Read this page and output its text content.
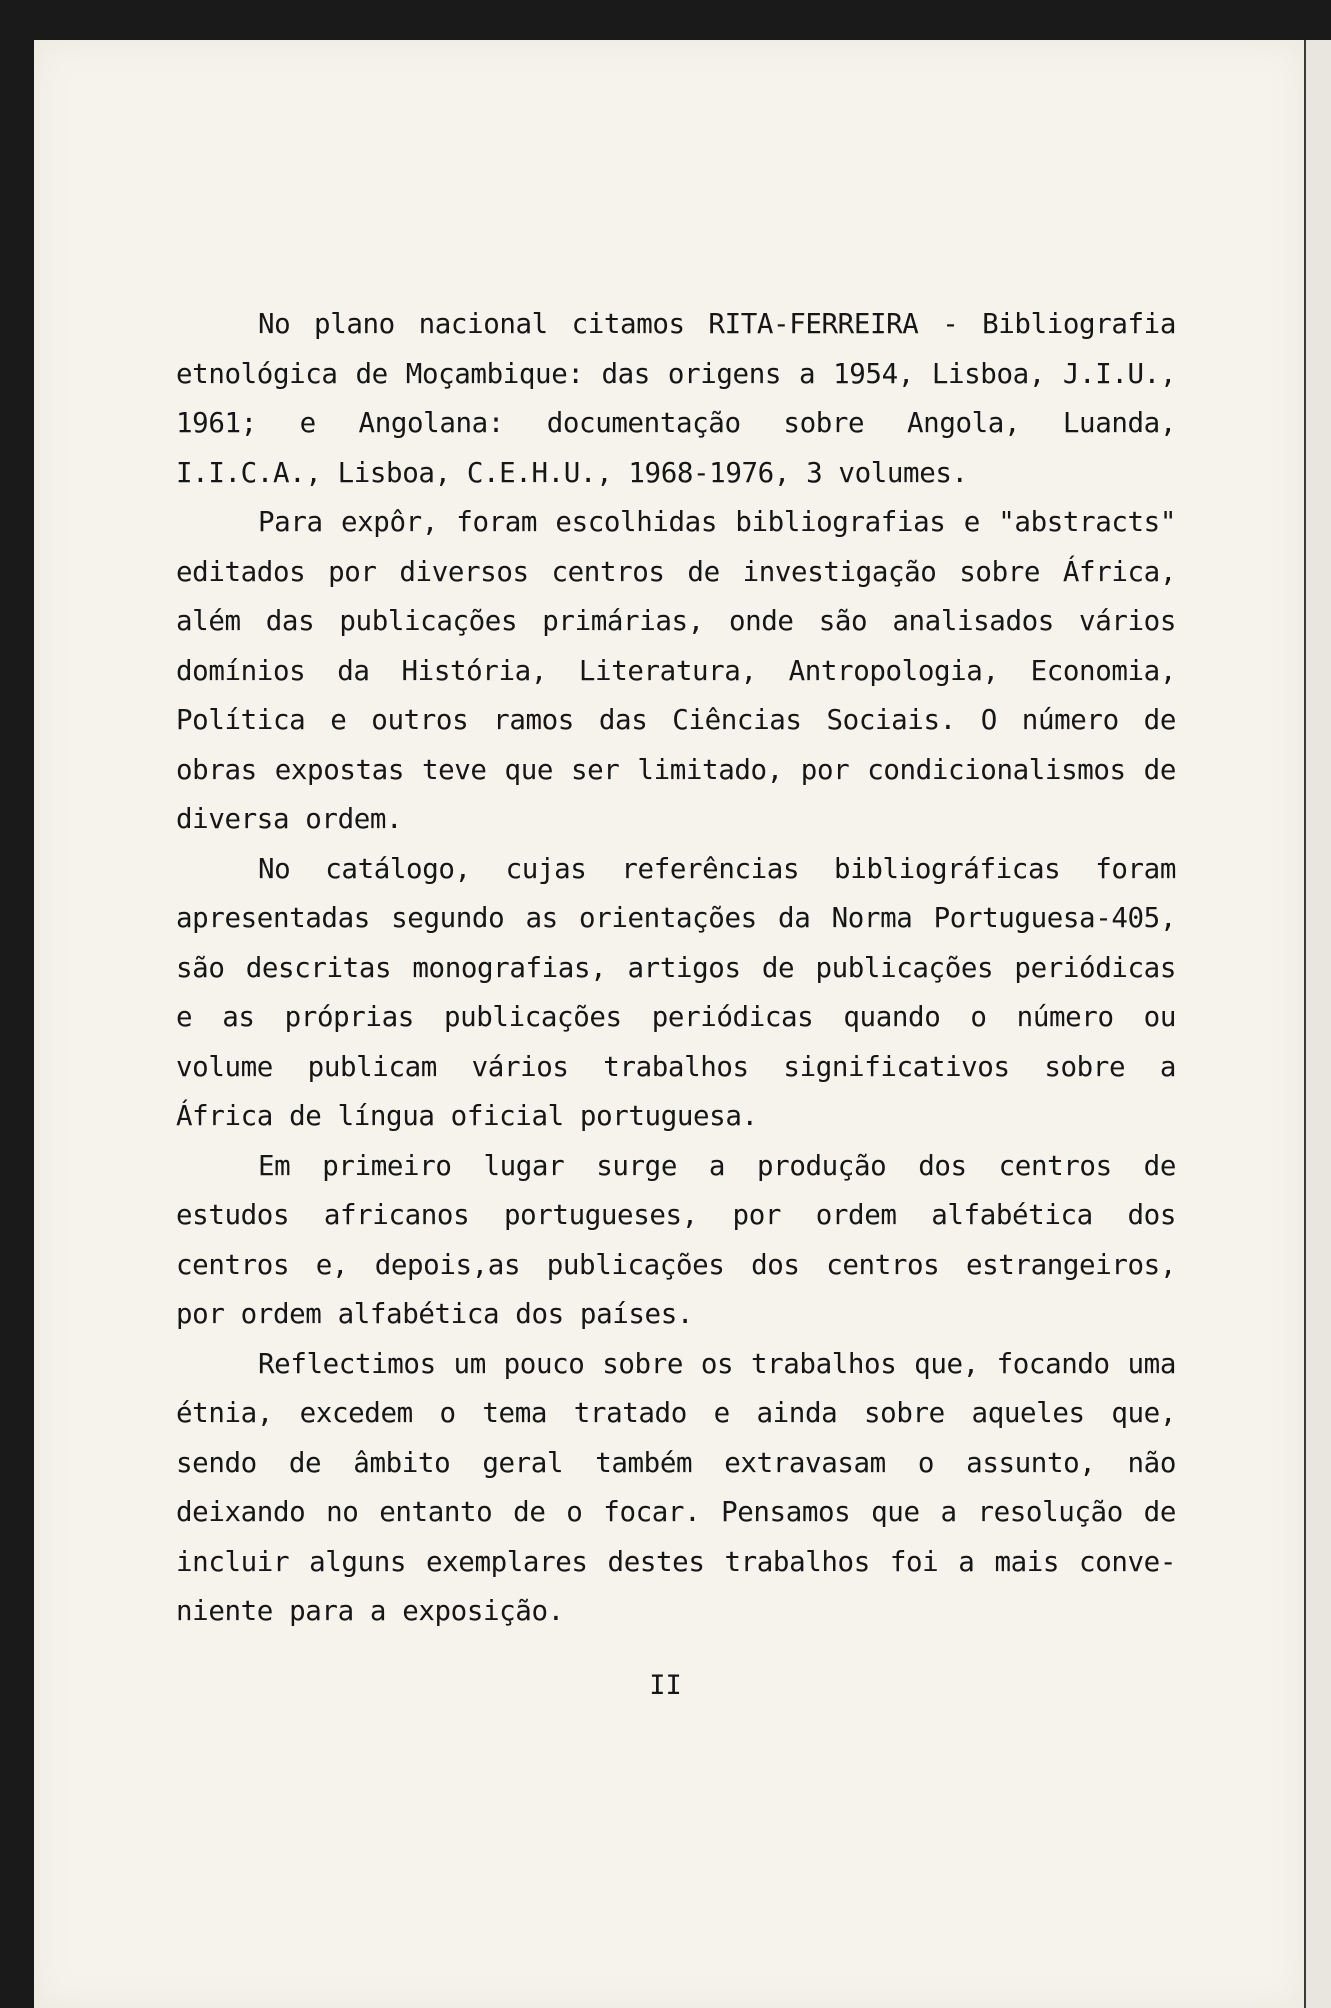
No plano nacional citamos RITA-FERREIRA - Bibliografia etnológica de Moçambique: das origens a 1954, Lisboa, J.I.U., 1961; e Angolana: documentação sobre Angola, Luanda, I.I.C.A., Lisboa, C.E.H.U., 1968-1976, 3 volumes.

Para expôr, foram escolhidas bibliografias e "abstracts" editados por diversos centros de investigação sobre África, além das publicações primárias, onde são analisados vários domínios da História, Literatura, Antropologia, Economia, Política e outros ramos das Ciências Sociais. O número de obras expostas teve que ser limitado, por condicionalismos de diversa ordem.

No catálogo, cujas referências bibliográficas foram apresentadas segundo as orientações da Norma Portuguesa-405, são descritas monografias, artigos de publicações periódicas e as próprias publicações periódicas quando o número ou volume publicam vários trabalhos significativos sobre a África de língua oficial portuguesa.

Em primeiro lugar surge a produção dos centros de estudos africanos portugueses, por ordem alfabética dos centros e, depois,as publicações dos centros estrangeiros, por ordem alfabética dos países.

Reflectimos um pouco sobre os trabalhos que, focando uma étnia, excedem o tema tratado e ainda sobre aqueles que, sendo de âmbito geral também extravasam o assunto, não deixando no entanto de o focar. Pensamos que a resolução de incluir alguns exemplares destes trabalhos foi a mais conve-niente para a exposição.

II
